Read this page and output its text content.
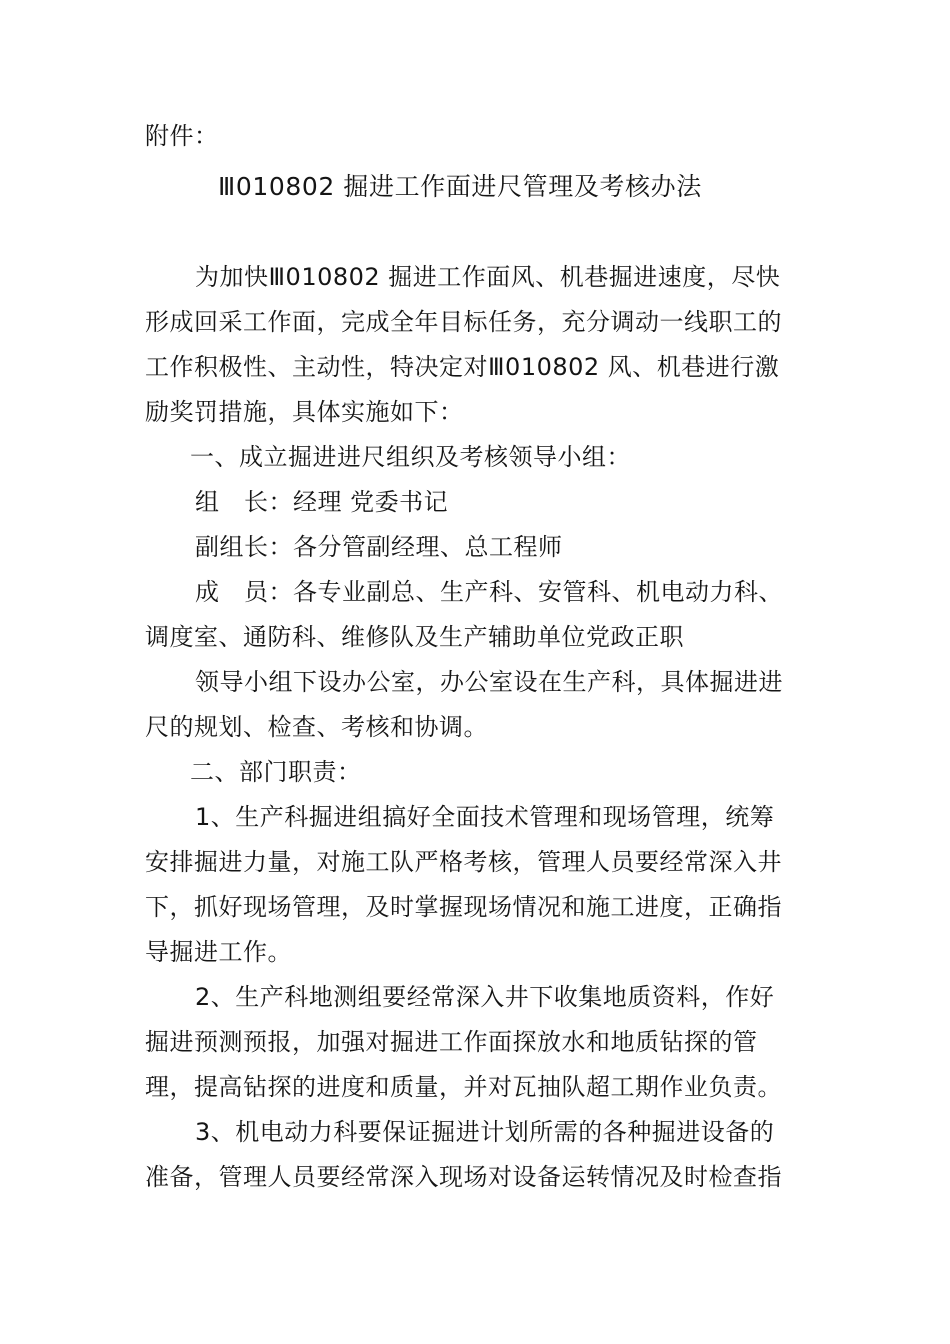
附件：
Ⅲ010802 掘进工作面进尺管理及考核办法
为加快Ⅲ010802 掘进工作面风、机巷掘进速度，尽快
形成回采工作面，完成全年目标任务，充分调动一线职工的
工作积极性、主动性，特决定对Ⅲ010802 风、机巷进行激
励奖罚措施，具体实施如下：
一、成立掘进进尺组织及考核领导小组：
组　长：经理 党委书记
副组长：各分管副经理、总工程师
成　员：各专业副总、生产科、安管科、机电动力科、
调度室、通防科、维修队及生产辅助单位党政正职
领导小组下设办公室，办公室设在生产科，具体掘进进
尺的规划、检查、考核和协调。
二、部门职责：
1、生产科掘进组搞好全面技术管理和现场管理，统筹
安排掘进力量，对施工队严格考核，管理人员要经常深入井
下，抓好现场管理，及时掌握现场情况和施工进度，正确指
导掘进工作。
2、生产科地测组要经常深入井下收集地质资料，作好
掘进预测预报，加强对掘进工作面探放水和地质钻探的管
理，提高钻探的进度和质量，并对瓦抽队超工期作业负责。
3、机电动力科要保证掘进计划所需的各种掘进设备的
准备，管理人员要经常深入现场对设备运转情况及时检查指
